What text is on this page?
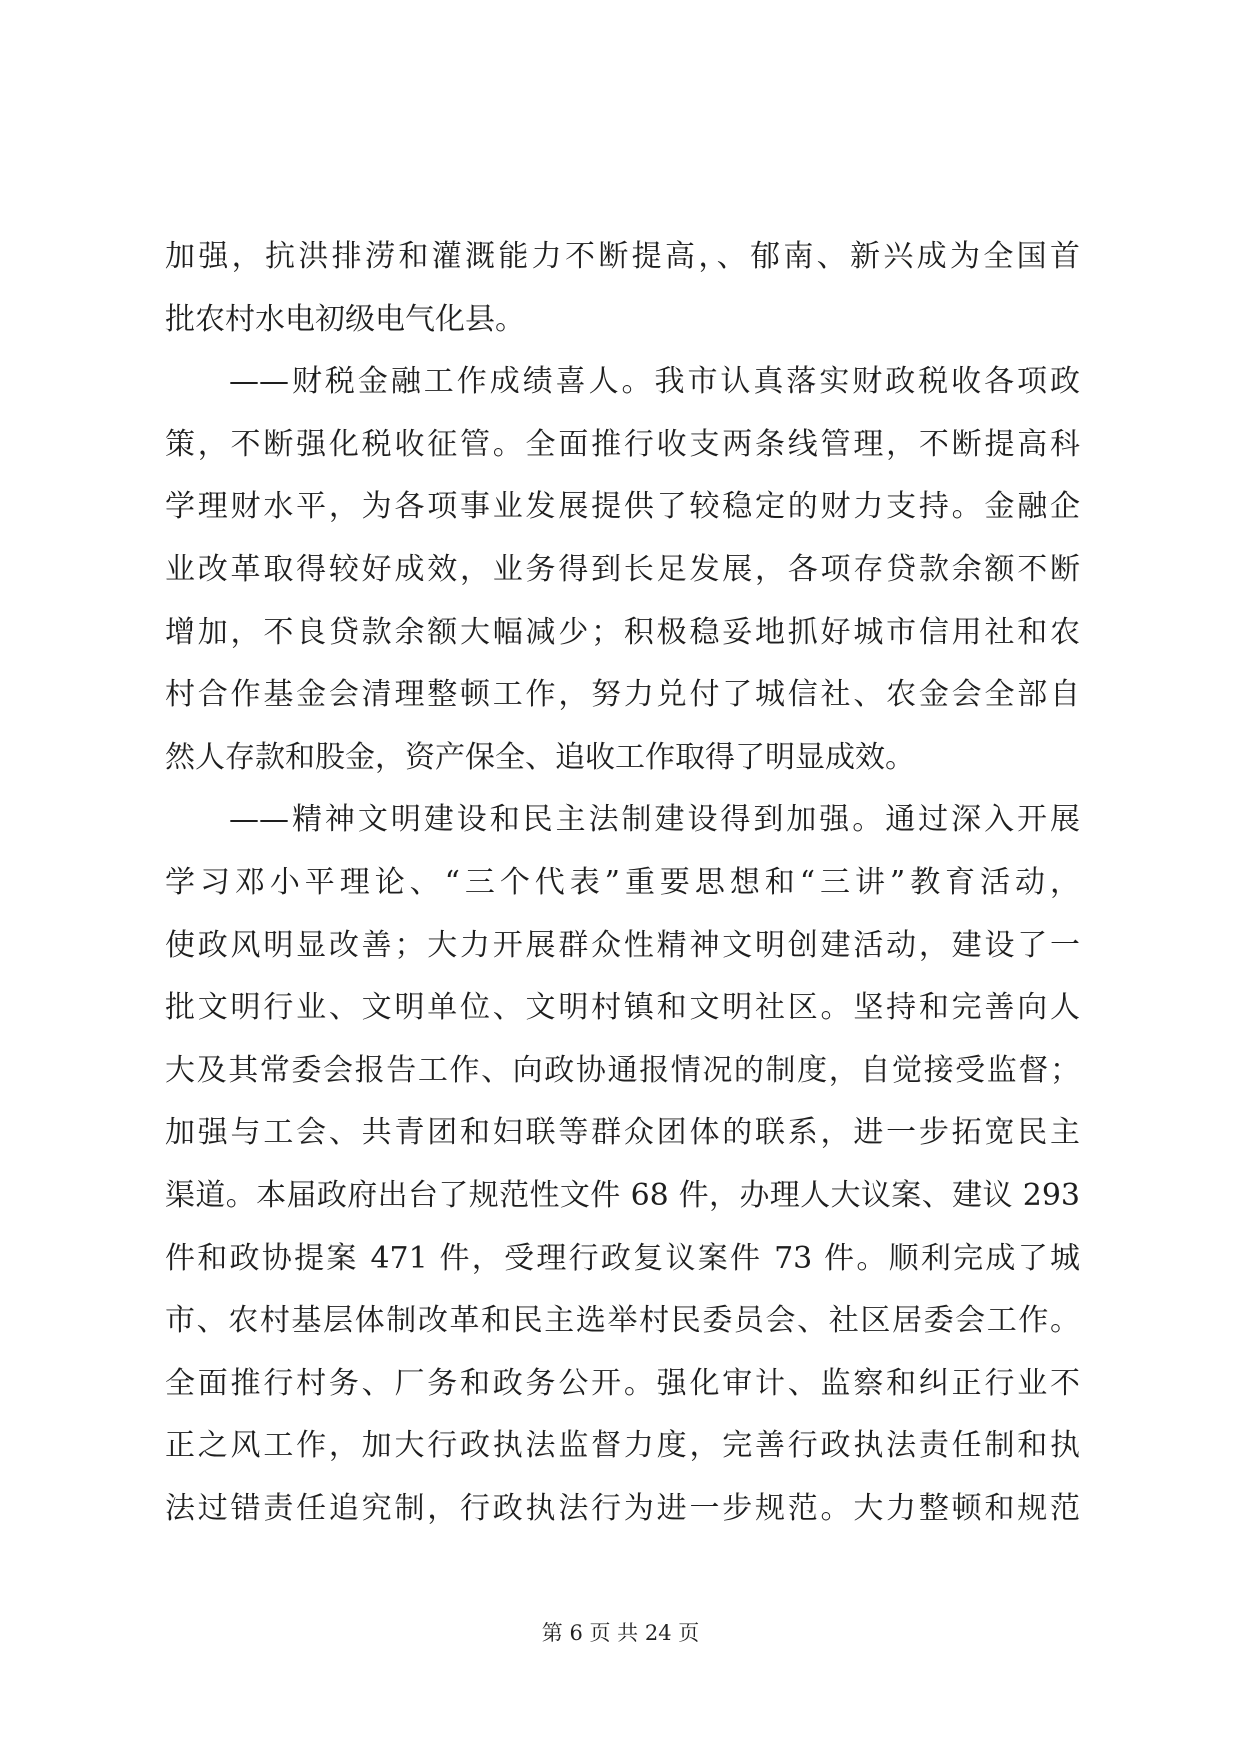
加强，抗洪排涝和灌溉能力不断提高，、郁南、新兴成为全国首
批农村水电初级电气化县。
——财税金融工作成绩喜人。我市认真落实财政税收各项政
策，不断强化税收征管。全面推行收支两条线管理，不断提高科
学理财水平，为各项事业发展提供了较稳定的财力支持。金融企
业改革取得较好成效，业务得到长足发展，各项存贷款余额不断
增加，不良贷款余额大幅减少；积极稳妥地抓好城市信用社和农
村合作基金会清理整顿工作，努力兑付了城信社、农金会全部自
然人存款和股金，资产保全、追收工作取得了明显成效。
——精神文明建设和民主法制建设得到加强。通过深入开展
学习邓小平理论、“三个代表”重要思想和“三讲”教育活动，
使政风明显改善；大力开展群众性精神文明创建活动，建设了一
批文明行业、文明单位、文明村镇和文明社区。坚持和完善向人
大及其常委会报告工作、向政协通报情况的制度，自觉接受监督；
加强与工会、共青团和妇联等群众团体的联系，进一步拓宽民主
渠道。本届政府出台了规范性文件 68 件，办理人大议案、建议 293
件和政协提案 471 件，受理行政复议案件 73 件。顺利完成了城
市、农村基层体制改革和民主选举村民委员会、社区居委会工作。
全面推行村务、厂务和政务公开。强化审计、监察和纠正行业不
正之风工作，加大行政执法监督力度，完善行政执法责任制和执
法过错责任追究制，行政执法行为进一步规范。大力整顿和规范
第 6 页 共 24 页
